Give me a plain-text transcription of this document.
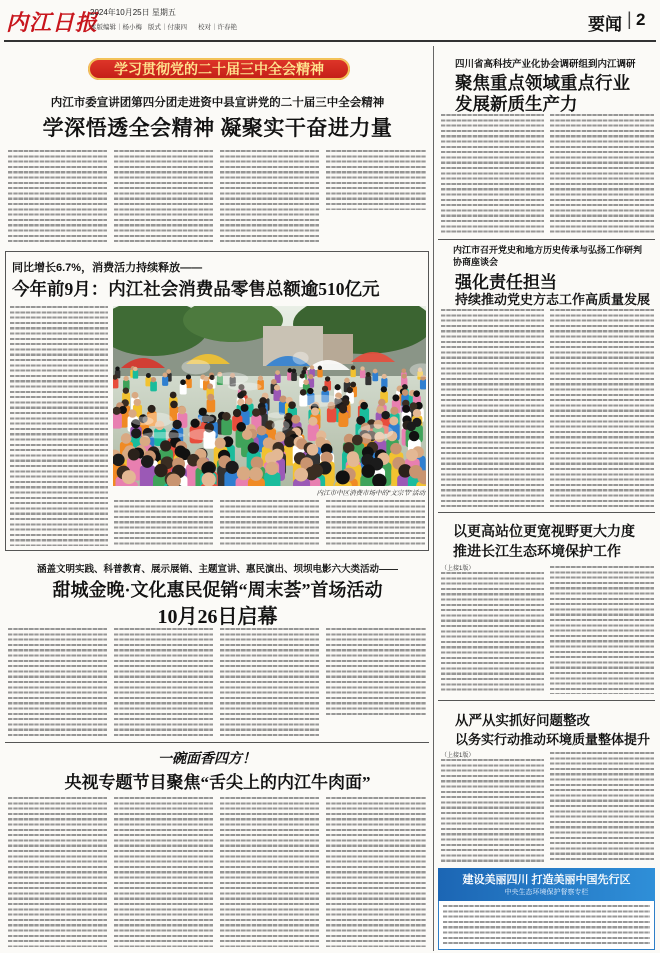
内江日报
2024年10月25日 星期五
本版编辑｜杨小梅 版式｜付康四 校对｜许春艳	要闻 | 2
学习贯彻党的二十届三中全会精神
内江市委宣讲团第四分团走进资中县宣讲党的二十届三中全会精神
学深悟透全会精神 凝聚实干奋进力量
同比增长6.7%，消费活力持续释放——
今年前9月：内江社会消费品零售总额逾510亿元
内江市中区消费市场中的“文宗节”活动
涵盖文明实践、科普教育、展示展销、主题宣讲、惠民演出、坝坝电影六大类活动——
甜城金晚·文化惠民促销“周末荟”首场活动
10月26日启幕
一碗面香四方！
央视专题节目聚焦“舌尖上的内江牛肉面”
四川省高科技产业化协会调研组到内江调研
聚焦重点领域重点行业
发展新质生产力
内江市召开党史和地方历史传承与弘扬工作研判
协商座谈会
强化责任担当
持续推动党史方志工作高质量发展
以更高站位更宽视野更大力度
推进长江生态环境保护工作
（上接1版）
从严从实抓好问题整改
以务实行动推动环境质量整体提升
（上接1版）
建设美丽四川 打造美丽中国先行区
中央生态环境保护督察专栏
